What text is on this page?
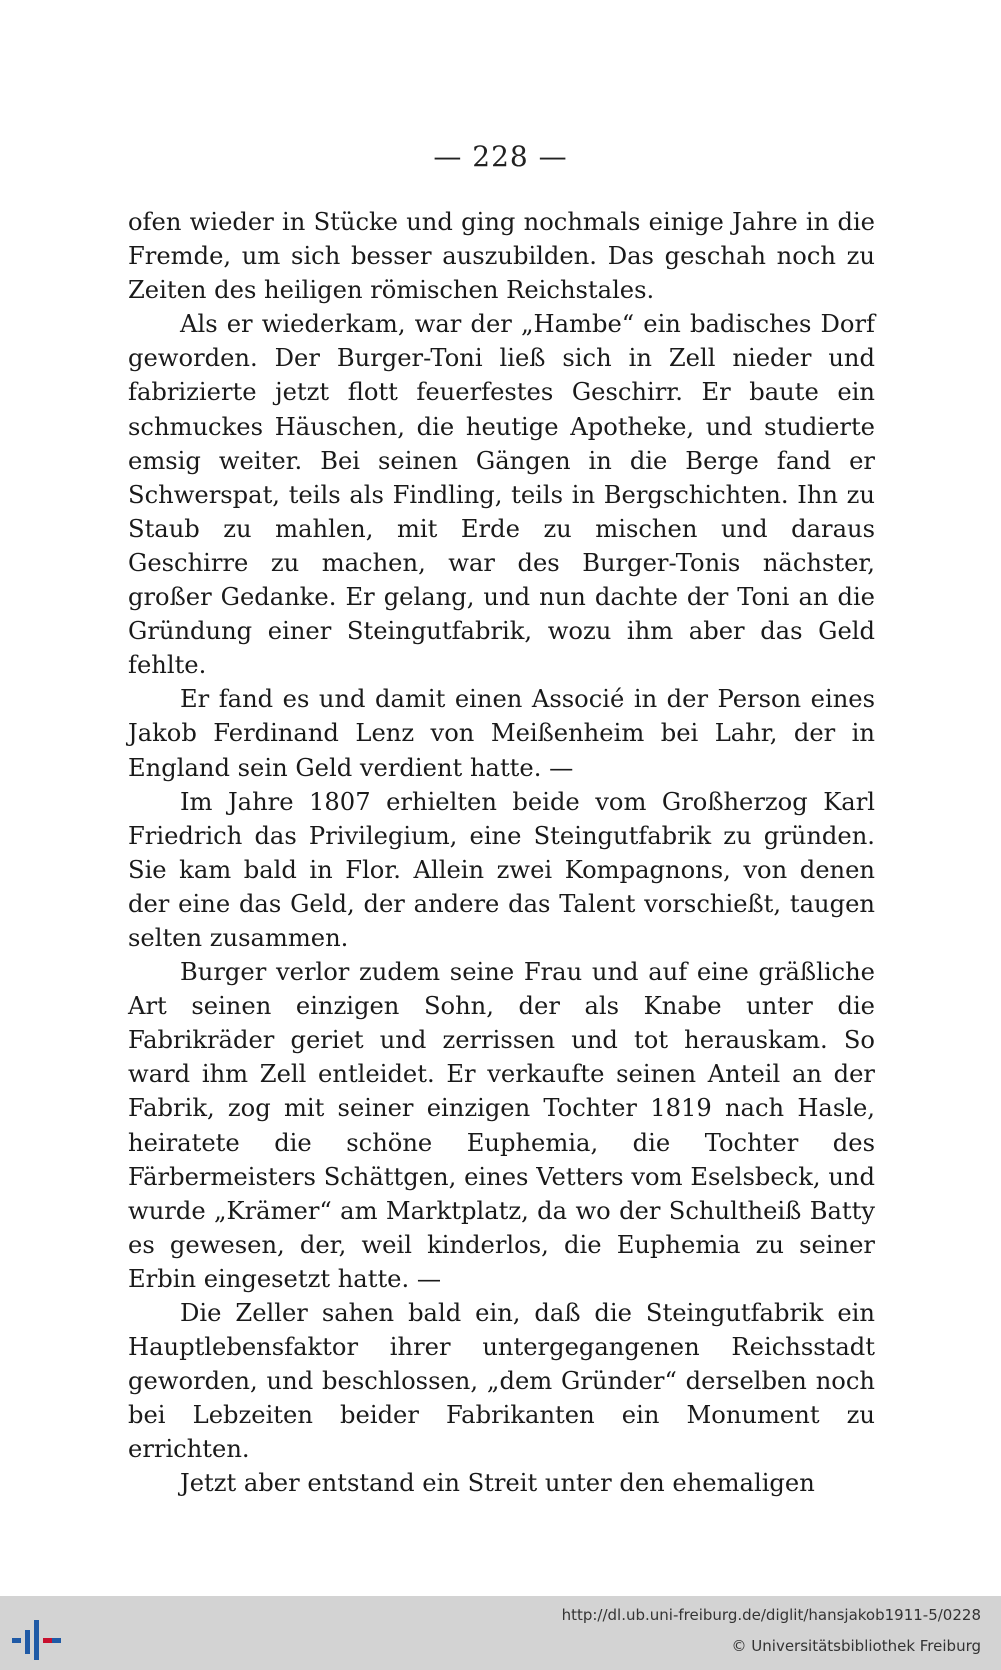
— 228 —

ofen wieder in Stücke und ging nochmals einige Jahre in die Fremde, um sich besser auszubilden. Das geschah noch zu Zeiten des heiligen römischen Reichstales.

Als er wiederkam, war der „Hambe“ ein badisches Dorf geworden. Der Burger-Toni ließ sich in Zell nieder und fabrizierte jetzt flott feuerfestes Geschirr. Er baute ein schmuckes Häuschen, die heutige Apotheke, und studierte emsig weiter. Bei seinen Gängen in die Berge fand er Schwerspat, teils als Findling, teils in Bergschichten. Ihn zu Staub zu mahlen, mit Erde zu mischen und daraus Geschirre zu machen, war des Burger-Tonis nächster, großer Gedanke. Er gelang, und nun dachte der Toni an die Gründung einer Steingutfabrik, wozu ihm aber das Geld fehlte.

Er fand es und damit einen Associé in der Person eines Jakob Ferdinand Lenz von Meißenheim bei Lahr, der in England sein Geld verdient hatte. —

Im Jahre 1807 erhielten beide vom Großherzog Karl Friedrich das Privilegium, eine Steingutfabrik zu gründen. Sie kam bald in Flor. Allein zwei Kompagnons, von denen der eine das Geld, der andere das Talent vorschießt, taugen selten zusammen.

Burger verlor zudem seine Frau und auf eine gräßliche Art seinen einzigen Sohn, der als Knabe unter die Fabrikräder geriet und zerrissen und tot herauskam. So ward ihm Zell entleidet. Er verkaufte seinen Anteil an der Fabrik, zog mit seiner einzigen Tochter 1819 nach Hasle, heiratete die schöne Euphemia, die Tochter des Färbermeisters Schättgen, eines Vetters vom Eselsbeck, und wurde „Krämer“ am Marktplatz, da wo der Schultheiß Batty es gewesen, der, weil kinderlos, die Euphemia zu seiner Erbin eingesetzt hatte. —

Die Zeller sahen bald ein, daß die Steingutfabrik ein Hauptlebensfaktor ihrer untergegangenen Reichsstadt geworden, und beschlossen, „dem Gründer“ derselben noch bei Lebzeiten beider Fabrikanten ein Monument zu errichten.

Jetzt aber entstand ein Streit unter den ehemaligen

http://dl.ub.uni-freiburg.de/diglit/hansjakob1911-5/0228
© Universitätsbibliothek Freiburg
